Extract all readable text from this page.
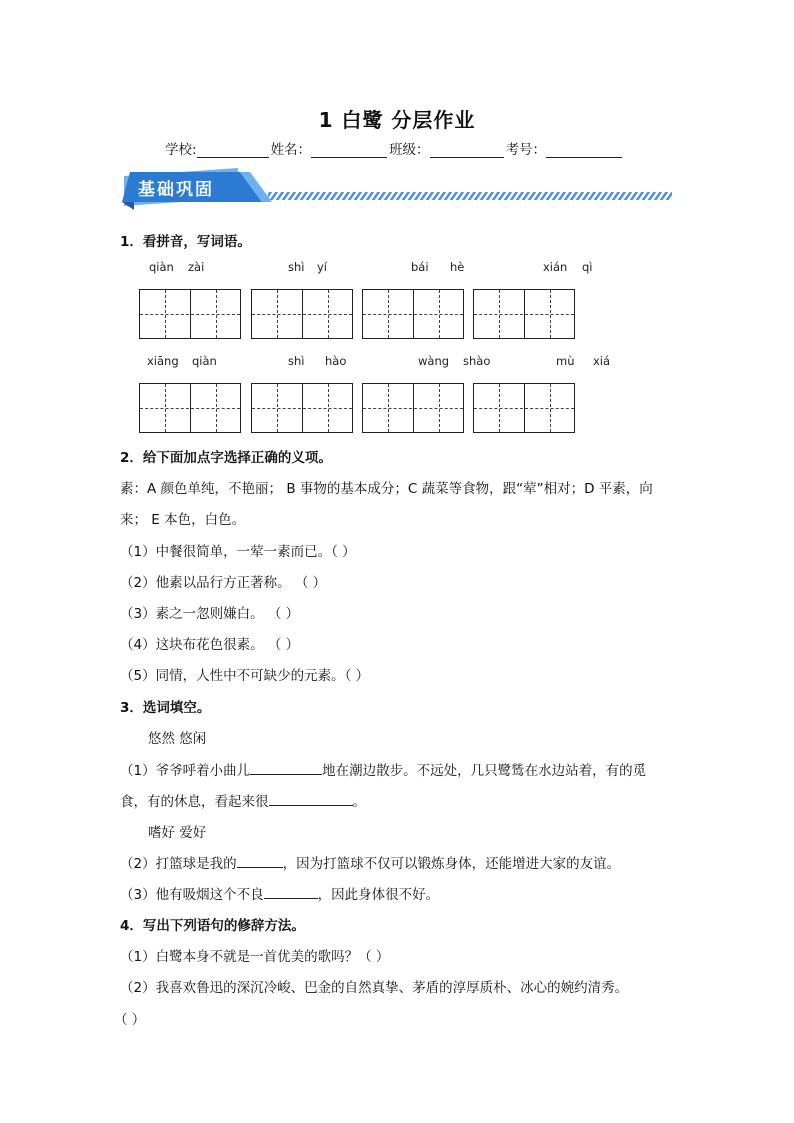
1 白鹭 分层作业
学校:	姓名：	班级：	考号：
基础巩固
1．看拼音，写词语。
qiàn zài	shì yí	bái hè	xián qì
xiāng qiàn	shì hào	wàng shào	mù xiá
2．给下面加点字选择正确的义项。
素：A 颜色单纯，不艳丽； B 事物的基本成分；C 蔬菜等食物，跟“荤”相对；D 平素，向
来； E 本色，白色。
（1）中餐很简单，一荤一素而已。（ ）
（2）他素以品行方正著称。 （ ）
（3）素之一忽则嫌白。 （ ）
（4）这块布花色很素。 （ ）
（5）同情，人性中不可缺少的元素。（ ）
3．选词填空。
悠然 悠闲
（1）爷爷呼着小曲儿	地在潮边散步。不远处，几只鹭鸶在水边站着，有的觅
食，有的休息，看起来很	。
嗜好 爱好
（2）打篮球是我的	，因为打篮球不仅可以锻炼身体，还能增进大家的友谊。
（3）他有吸烟这个不良	，因此身体很不好。
4．写出下列语句的修辞方法。
（1）白鹭本身不就是一首优美的歌吗？（ ）
（2）我喜欢鲁迅的深沉冷峻、巴金的自然真挚、茅盾的淳厚质朴、冰心的婉约清秀。
（ ）
